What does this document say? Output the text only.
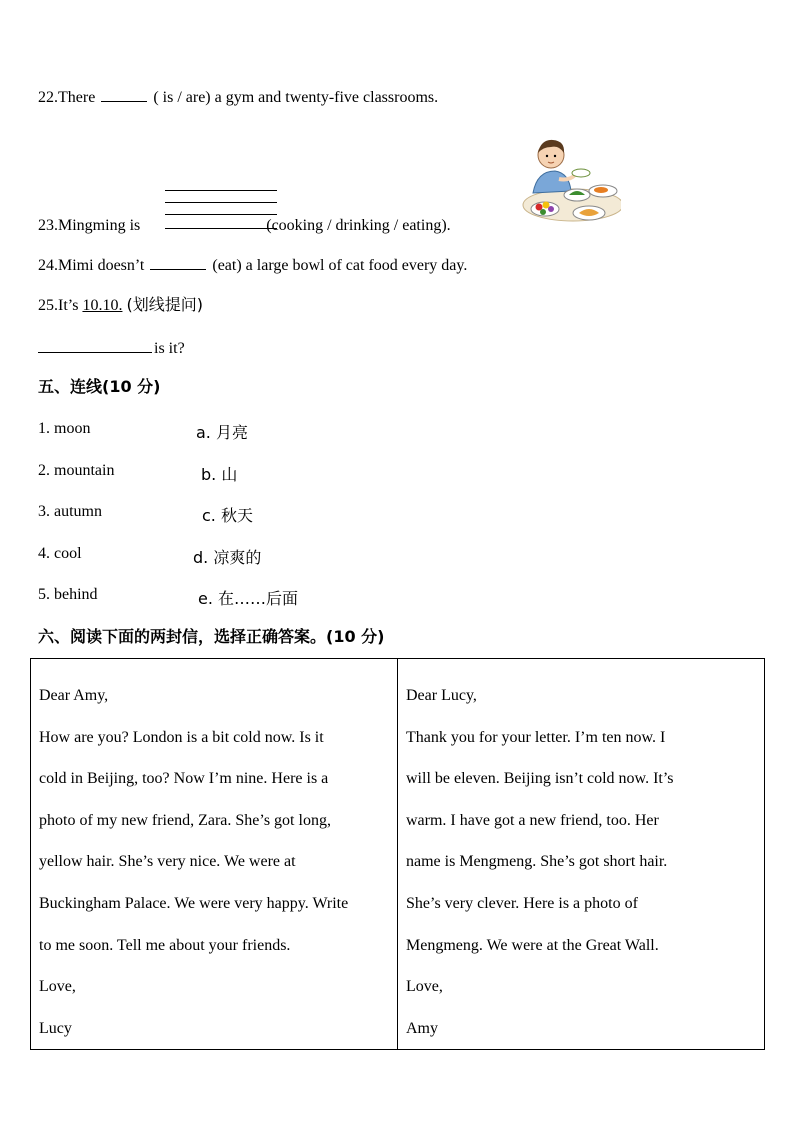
22.There	( is / are) a gym and twenty-five classrooms.
23.Mingming is	(cooking / drinking / eating).
24.Mimi doesn’t	(eat) a large bowl of cat food every day.
25.It’s 10.10. (划线提问)
is it?
五、连线(10 分)
1. moon	a. 月亮
2. mountain	b. 山
3. autumn	c. 秋天
4. cool	d. 凉爽的
5. behind	e. 在……后面
六、阅读下面的两封信，选择正确答案。(10 分)
Dear Amy,
How are you? London is a bit cold now. Is it
cold in Beijing, too? Now I’m nine. Here is a
photo of my new friend, Zara. She’s got long,
yellow hair. She’s very nice. We were at
Buckingham Palace. We were very happy. Write
to me soon. Tell me about your friends.
Love,
Lucy

Dear Lucy,
Thank you for your letter. I’m ten now. I
will be eleven. Beijing isn’t cold now. It’s
warm. I have got a new friend, too. Her
name is Mengmeng. She’s got short hair.
She’s very clever. Here is a photo of
Mengmeng. We were at the Great Wall.
Love,
Amy
